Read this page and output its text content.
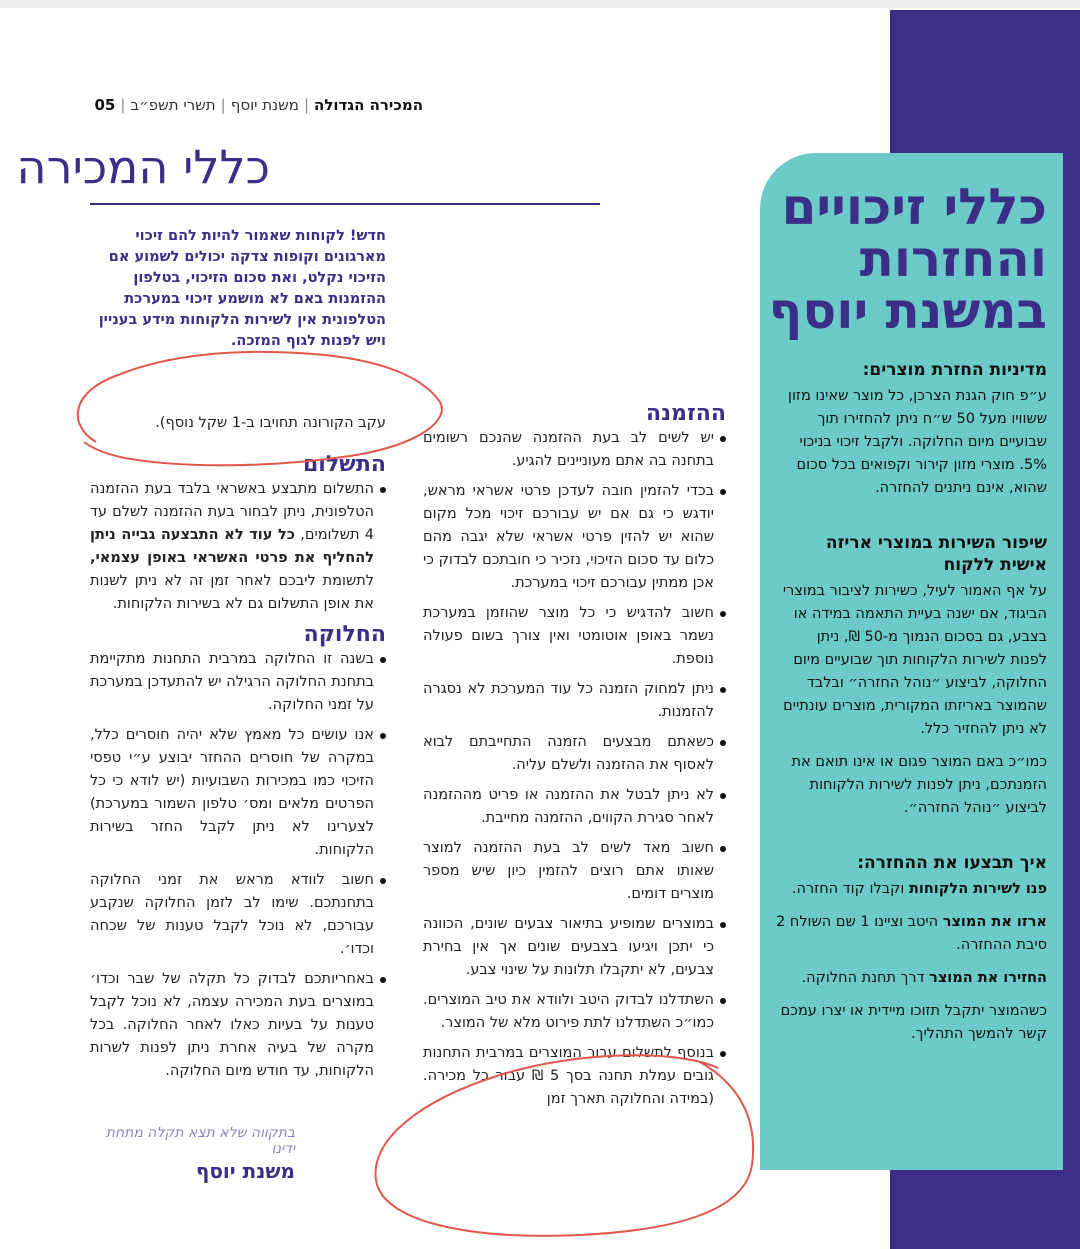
המכירה הגדולה|משנת יוסף|תשרי תשפ״ב|05
כללי המכירה
חדש! לקוחות שאמור להיות להם זיכוי מארגונים וקופות צדקה יכולים לשמוע אם הזיכוי נקלט, ואת סכום הזיכוי, בטלפון ההזמנות באם לא מושמע זיכוי במערכת הטלפונית אין לשירות הלקוחות מידע בעניין ויש לפנות לגוף המזכה.
ההזמנה
יש לשים לב בעת ההזמנה שהנכם רשומים בתחנה בה אתם מעוניינים להגיע.
בכדי להזמין חובה לעדכן פרטי אשראי מראש, יודגש כי גם אם יש עבורכם זיכוי מכל מקום שהוא יש להזין פרטי אשראי שלא יגבה מהם כלום עד סכום הזיכוי, נזכיר כי חובתכם לבדוק כי אכן ממתין עבורכם זיכוי במערכת.
חשוב להדגיש כי כל מוצר שהוזמן במערכת נשמר באופן אוטומטי ואין צורך בשום פעולה נוספת.
ניתן למחוק הזמנה כל עוד המערכת לא נסגרה להזמנות.
כשאתם מבצעים הזמנה התחייבתם לבוא לאסוף את ההזמנה ולשלם עליה.
לא ניתן לבטל את ההזמנה או פריט מההזמנה לאחר סגירת הקווים, ההזמנה מחייבת.
חשוב מאד לשים לב בעת ההזמנה למוצר שאותו אתם רוצים להזמין כיון שיש מספר מוצרים דומים.
במוצרים שמופיע בתיאור צבעים שונים, הכוונה כי יתכן ויגיעו בצבעים שונים אך אין בחירת צבעים, לא יתקבלו תלונות על שינוי צבע.
השתדלנו לבדוק היטב ולוודא את טיב המוצרים. כמו״כ השתדלנו לתת פירוט מלא של המוצר.
בנוסף לתשלום עבור המוצרים במרבית התחנות גובים עמלת תחנה בסך 5 ₪ עבור כל מכירה. (במידה והחלוקה תארך זמן

עקב הקורונה תחויבו ב-1 שקל נוסף).

התשלום
התשלום מתבצע באשראי בלבד בעת ההזמנה הטלפונית, ניתן לבחור בעת ההזמנה לשלם עד 4 תשלומים, כל עוד לא התבצעה גבייה ניתן להחליף את פרטי האשראי באופן עצמאי, לתשומת ליבכם לאחר זמן זה לא ניתן לשנות את אופן התשלום גם לא בשירות הלקוחות.
החלוקה
בשנה זו החלוקה במרבית התחנות מתקיימת בתחנת החלוקה הרגילה יש להתעדכן במערכת על זמני החלוקה.
אנו עושים כל מאמץ שלא יהיה חוסרים כלל, במקרה של חוסרים ההחזר יבוצע ע״י טפסי הזיכוי כמו במכירות השבועיות (יש לודא כי כל הפרטים מלאים ומס׳ טלפון השמור במערכת) לצערינו לא ניתן לקבל החזר בשירות הלקוחות.
חשוב לוודא מראש את זמני החלוקה בתחנתכם. שימו לב לזמן החלוקה שנקבע עבורכם, לא נוכל לקבל טענות של שכחה וכדו׳.
באחריותכם לבדוק כל תקלה של שבר וכדו׳ במוצרים בעת המכירה עצמה, לא נוכל לקבל טענות על בעיות כאלו לאחר החלוקה. בכל מקרה של בעיה אחרת ניתן לפנות לשרות הלקוחות, עד חודש מיום החלוקה.
בתקווה שלא תצא תקלה מתחת ידינו
משנת יוסף
כללי זיכויים
והחזרות
במשנת יוסף
מדיניות החזרת מוצרים:
ע״פ חוק הגנת הצרכן, כל מוצר שאינו מזון ששוויו מעל 50 ש״ח ניתן להחזירו תוך שבועיים מיום החלוקה. ולקבל זיכוי בניכוי 5%. מוצרי מזון קירור וקפואים בכל סכום שהוא, אינם ניתנים להחזרה.
שיפור השירות במוצרי אריזה אישית ללקוח
על אף האמור לעיל, כשירות לציבור במוצרי הביגוד, אם ישנה בעיית התאמה במידה או בצבע, גם בסכום הנמוך מ-50 ₪, ניתן לפנות לשירות הלקוחות תוך שבועיים מיום החלוקה, לביצוע ״נוהל החזרה״ ובלבד שהמוצר באריזתו המקורית, מוצרים עונתיים לא ניתן להחזיר כלל.
כמו״כ באם המוצר פגום או אינו תואם את הזמנתכם, ניתן לפנות לשירות הלקוחות לביצוע ״נוהל החזרה״.
איך תבצעו את ההחזרה:
פנו לשירות הלקוחות וקבלו קוד החזרה.
ארזו את המוצר היטב וציינו 1 שם השולח 2 סיבת ההחזרה.
החזירו את המוצר דרך תחנת החלוקה.
כשהמוצר יתקבל תזוכו מיידית או יצרו עמכם קשר להמשך התהליך.
